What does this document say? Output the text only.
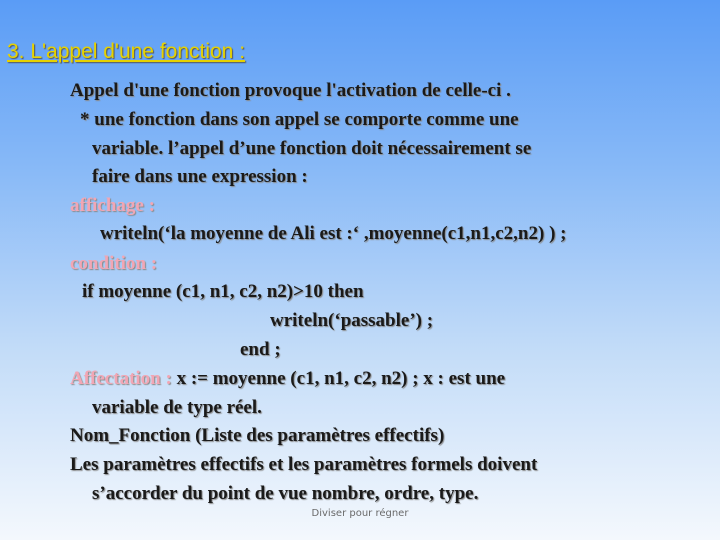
3. L'appel d'une fonction :
Appel d'une fonction provoque l'activation de celle-ci .
* une fonction dans son appel se comporte comme une
variable. l’appel d’une fonction doit nécessairement se
faire dans une expression :
affichage :
writeln(‘la moyenne de Ali est :‘ ,moyenne(c1,n1,c2,n2) ) ;
condition :
if moyenne (c1, n1, c2, n2)>10 then
writeln(‘passable’) ;
end ;
Affectation : x := moyenne (c1, n1, c2, n2) ; x : est une
variable de type réel.
Nom_Fonction (Liste des paramètres effectifs)
Les paramètres effectifs et les paramètres formels doivent
s’accorder du point de vue nombre, ordre, type.
Diviser pour régner
